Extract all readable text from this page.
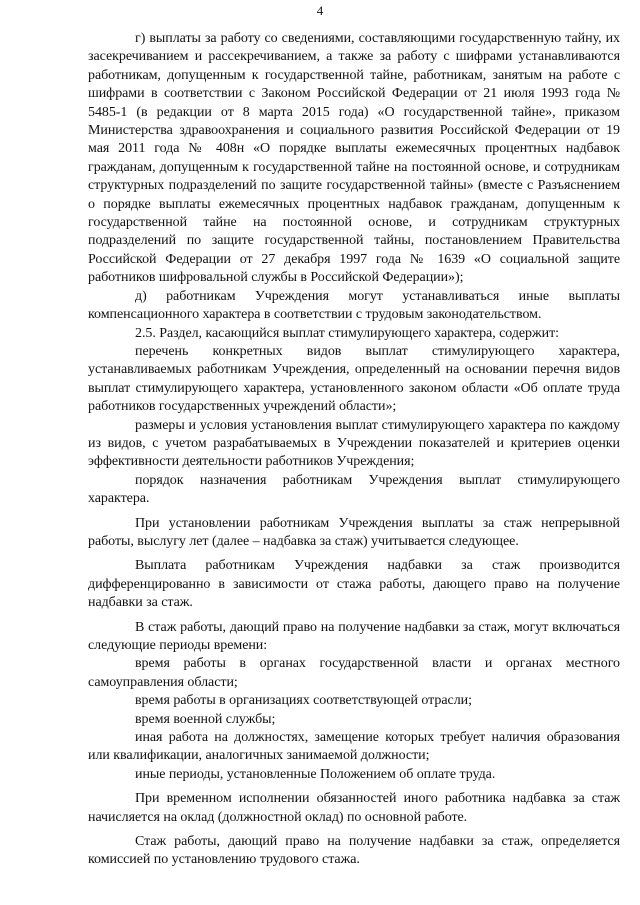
4

г) выплаты за работу со сведениями, составляющими государственную тайну, их засекречиванием и рассекречиванием, а также за работу с шифрами устанавливаются работникам, допущенным к государственной тайне, работникам, занятым на работе с шифрами в соответствии с Законом Российской Федерации от 21 июля 1993 года № 5485-1 (в редакции от 8 марта 2015 года) «О государственной тайне», приказом Министерства здравоохранения и социального развития Российской Федерации от 19 мая 2011 года № 408н «О порядке выплаты ежемесячных процентных надбавок гражданам, допущенным к государственной тайне на постоянной основе, и сотрудникам структурных подразделений по защите государственной тайны» (вместе с Разъяснением о порядке выплаты ежемесячных процентных надбавок гражданам, допущенным к государственной тайне на постоянной основе, и сотрудникам структурных подразделений по защите государственной тайны, постановлением Правительства Российской Федерации от 27 декабря 1997 года № 1639 «О социальной защите работников шифровальной службы в Российской Федерации»);

д) работникам Учреждения могут устанавливаться иные выплаты компенсационного характера в соответствии с трудовым законодательством.

2.5. Раздел, касающийся выплат стимулирующего характера, содержит:

перечень конкретных видов выплат стимулирующего характера, устанавливаемых работникам Учреждения, определенный на основании перечня видов выплат стимулирующего характера, установленного законом области «Об оплате труда работников государственных учреждений области»;

размеры и условия установления выплат стимулирующего характера по каждому из видов, с учетом разрабатываемых в Учреждении показателей и критериев оценки эффективности деятельности работников Учреждения;

порядок назначения работникам Учреждения выплат стимулирующего характера.

При установлении работникам Учреждения выплаты за стаж непрерывной работы, выслугу лет (далее – надбавка за стаж) учитывается следующее.

Выплата работникам Учреждения надбавки за стаж производится дифференцированно в зависимости от стажа работы, дающего право на получение надбавки за стаж.

В стаж работы, дающий право на получение надбавки за стаж, могут включаться следующие периоды времени:

время работы в органах государственной власти и органах местного самоуправления области;

время работы в организациях соответствующей отрасли;

время военной службы;

иная работа на должностях, замещение которых требует наличия образования или квалификации, аналогичных занимаемой должности;

иные периоды, установленные Положением об оплате труда.

При временном исполнении обязанностей иного работника надбавка за стаж начисляется на оклад (должностной оклад) по основной работе.

Стаж работы, дающий право на получение надбавки за стаж, определяется комиссией по установлению трудового стажа.
